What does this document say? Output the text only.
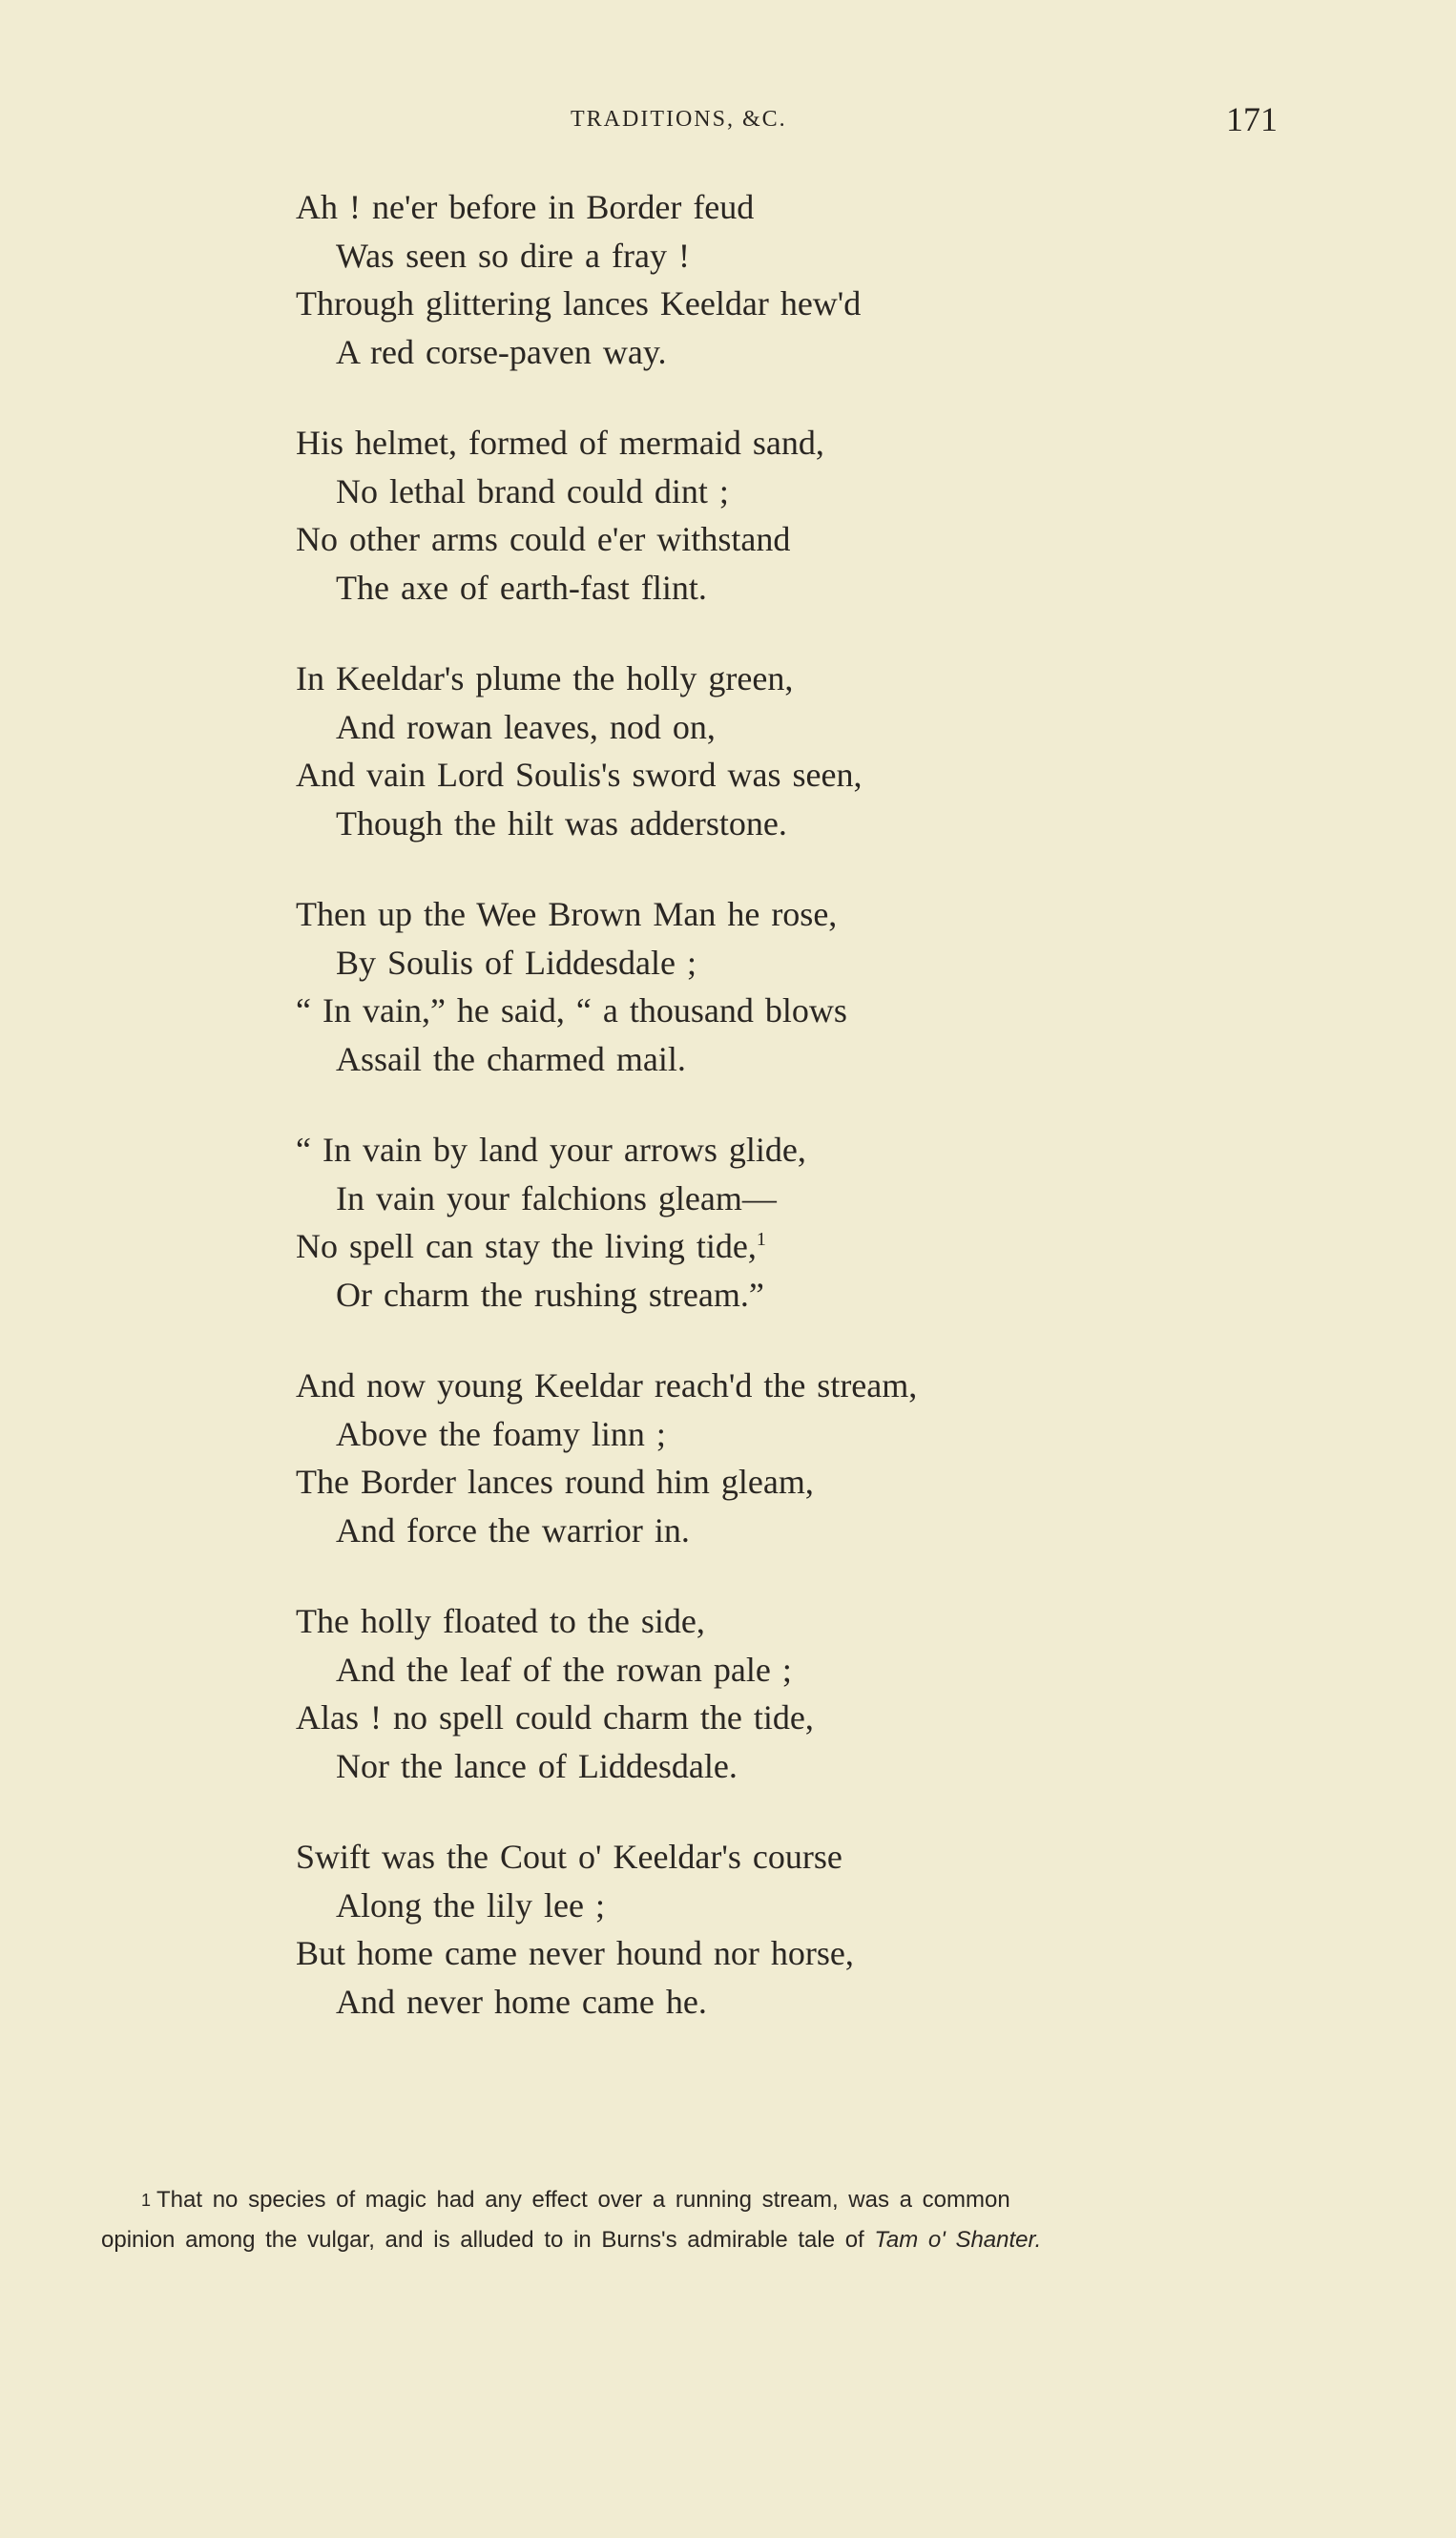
TRADITIONS, &C.	171
Ah ! ne'er before in Border feud
Was seen so dire a fray !
Through glittering lances Keeldar hew'd
A red corse-paven way.
His helmet, formed of mermaid sand,
No lethal brand could dint ;
No other arms could e'er withstand
The axe of earth-fast flint.
In Keeldar's plume the holly green,
And rowan leaves, nod on,
And vain Lord Soulis's sword was seen,
Though the hilt was adderstone.
Then up the Wee Brown Man he rose,
By Soulis of Liddesdale ;
“ In vain,” he said, “ a thousand blows
Assail the charmed mail.
“ In vain by land your arrows glide,
In vain your falchions gleam—
No spell can stay the living tide,$^1$
Or charm the rushing stream.”
And now young Keeldar reach'd the stream,
Above the foamy linn ;
The Border lances round him gleam,
And force the warrior in.
The holly floated to the side,
And the leaf of the rowan pale ;
Alas ! no spell could charm the tide,
Nor the lance of Liddesdale.
Swift was the Cout o' Keeldar's course
Along the lily lee ;
But home came never hound nor horse,
And never home came he.
$^1$ That no species of magic had any effect over a running stream, was a common
opinion among the vulgar, and is alluded to in Burns's admirable tale of Tam o' Shanter.
